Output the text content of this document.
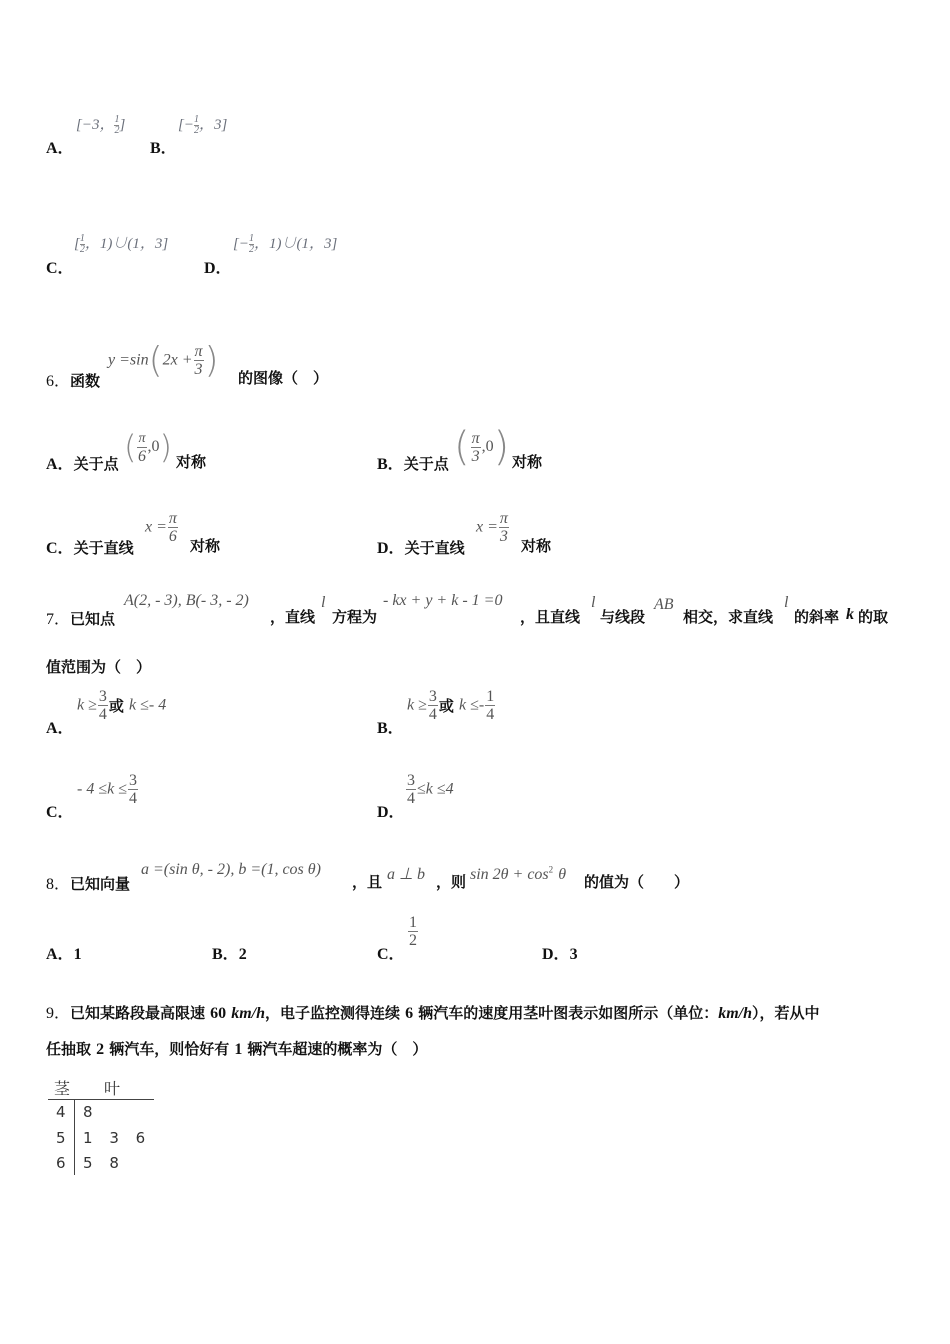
A．
[−3， $\frac{1}{2}$]
B．
[− $\frac{1}{2}$，3]
C．
[ $\frac{1}{2}$，1)∪(1，3]
D．
[− $\frac{1}{2}$，1)∪(1，3]
6．函数
$y =\sin(2x + \frac{\pi}{3}$ ) 的图像（　）
A．关于点 ( $\frac{\pi}{6} ,0$) 对称	B．关于点 ( $\frac{\pi}{3} ,0$) 对称
C．关于直线
$x = \frac{\pi}{6}$
对称	D．关于直线
$x = \frac{\pi}{3}$
对称
7．已知点
A(2, - 3), B(- 3, - 2)
，直线
l
方程为
- kx + y + k - 1 =0
，且直线
l
与线段
AB
相交，求直线
l
的斜率 k 的取
值范围为（　）
A．
$k \ge \frac{3}{4}$ 或 k ≤- 4
B．
$k \ge \frac{3}{4}$ 或 $k \le- \frac{1}{4}$
C．
- $4 \le k \le \frac{3}{4}$
D．
$\frac{3}{4} \le k \le 4$
8．已知向量
a =(sin θ, - 2), b =(1, cos θ)
，且 a ⊥ b ，则 $\sin 2\theta + \cos^2 \theta$ 的值为（　　）
A．1	B．2	C．
$\frac{1}{2}$
D．3
9．已知某路段最高限速 60 km/h，电子监控测得连续 6 辆汽车的速度用茎叶图表示如图所示（单位：km/h），若从中
任抽取 2 辆汽车，则恰好有 1 辆汽车超速的概率为（　）
茎 叶
4 8
5 1 3 6
6 5 8
